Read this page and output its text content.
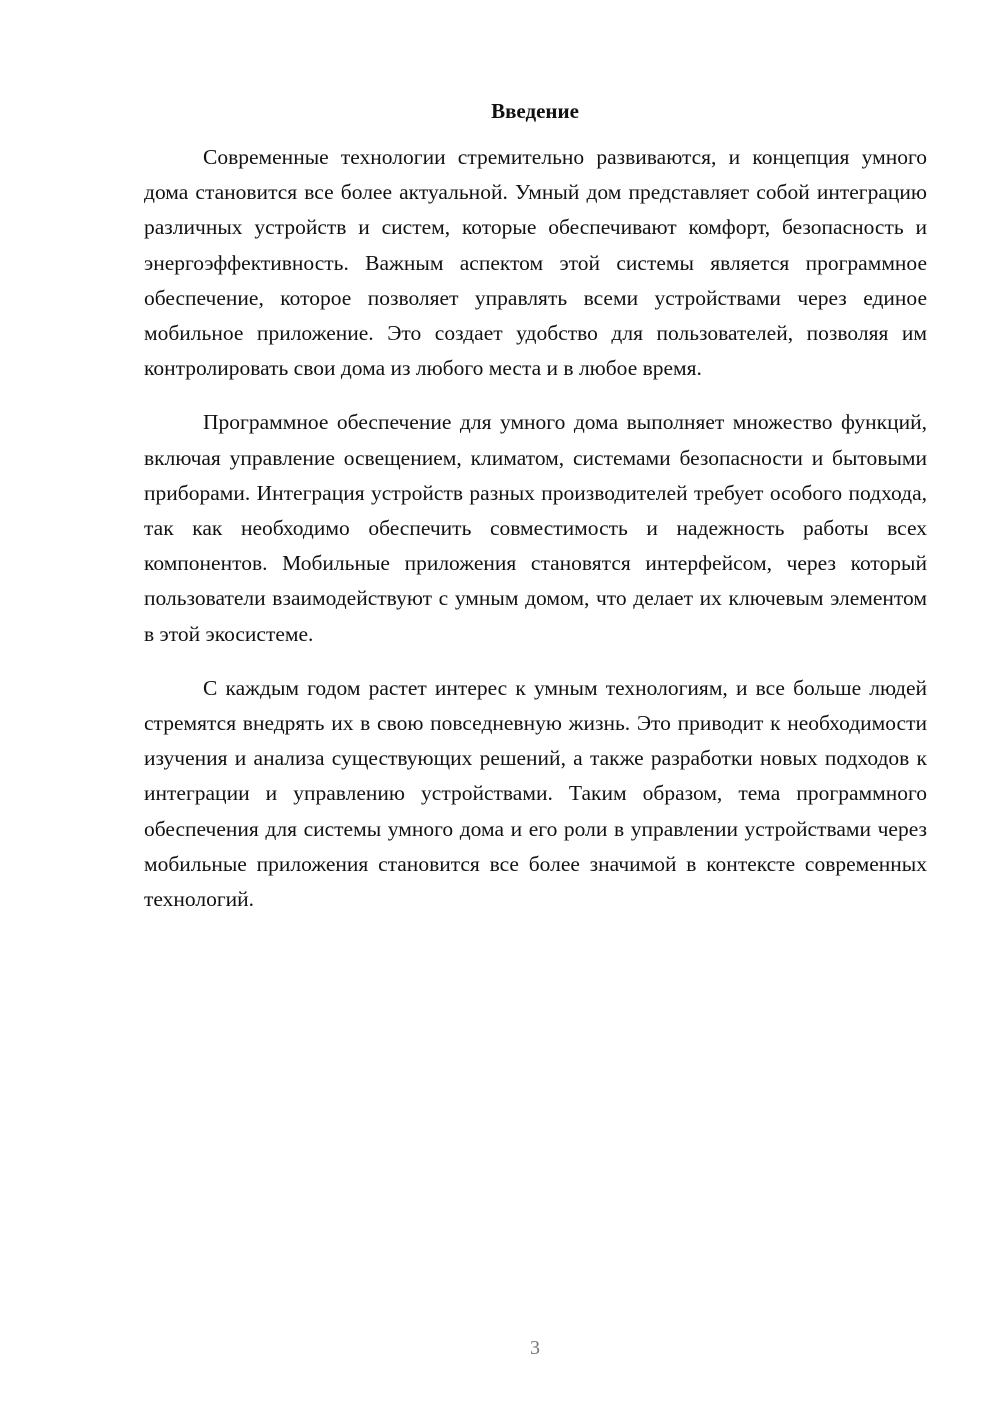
Введение

Современные технологии стремительно развиваются, и концепция умного дома становится все более актуальной. Умный дом представляет собой интеграцию различных устройств и систем, которые обеспечивают комфорт, безопасность и энергоэффективность. Важным аспектом этой системы является программное обеспечение, которое позволяет управлять всеми устройствами через единое мобильное приложение. Это создает удобство для пользователей, позволяя им контролировать свои дома из любого места и в любое время.

Программное обеспечение для умного дома выполняет множество функций, включая управление освещением, климатом, системами безопасности и бытовыми приборами. Интеграция устройств разных производителей требует особого подхода, так как необходимо обеспечить совместимость и надежность работы всех компонентов. Мобильные приложения становятся интерфейсом, через который пользователи взаимодействуют с умным домом, что делает их ключевым элементом в этой экосистеме.

С каждым годом растет интерес к умным технологиям, и все больше людей стремятся внедрять их в свою повседневную жизнь. Это приводит к необходимости изучения и анализа существующих решений, а также разработки новых подходов к интеграции и управлению устройствами. Таким образом, тема программного обеспечения для системы умного дома и его роли в управлении устройствами через мобильные приложения становится все более значимой в контексте современных технологий.

3
